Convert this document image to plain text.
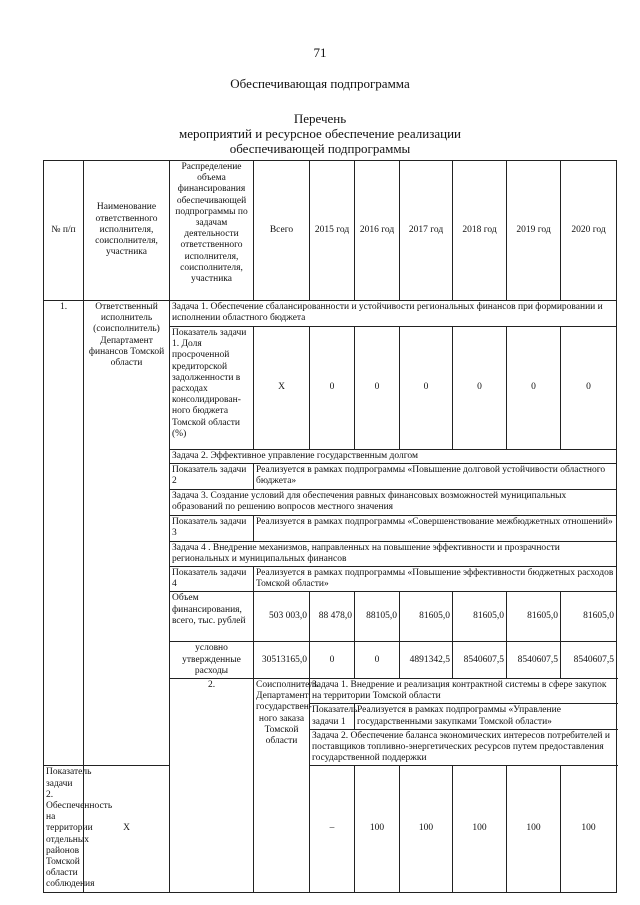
71
Обеспечивающая подпрограмма
Перечень
мероприятий и ресурсное обеспечение реализации
обеспечивающей подпрограммы
№ п/п	Наименование ответственного исполнителя, соисполнителя, участника	Распределение объема финансирования обеспечивающей подпрограммы по задачам деятельности ответственного исполнителя, соисполнителя, участника	Всего	2015 год	2016 год	2017 год	2018 год	2019 год	2020 год
1.	Ответственный исполнитель (соисполнитель) Департамент финансов Томской области	Задача 1. Обеспечение сбалансированности и устойчивости региональных финансов при формировании и исполнении областного бюджета							
		Показатель задачи 1. Доля просроченной кредиторской задолженности в расходах консолидирован-ного бюджета Томской области (%)	Х	0	0	0	0	0	0
		Задача 2. Эффективное управление государственным долгом							
		Показатель задачи 2	Реализуется в рамках подпрограммы «Повышение долговой устойчивости областного бюджета»						
		Задача 3. Создание условий для обеспечения равных финансовых возможностей муниципальных образований по решению вопросов местного значения							
		Показатель задачи 3	Реализуется в рамках подпрограммы «Совершенствование межбюджетных отношений»						
		Задача 4 . Внедрение механизмов, направленных на повышение эффективности и прозрачности региональных и муниципальных финансов							
		Показатель задачи 4	Реализуется в рамках подпрограммы «Повышение эффективности бюджетных расходов Томской области»						
		Объем финансирования, всего, тыс. рублей	503 003,0	88 478,0	88105,0	81605,0	81605,0	81605,0	81605,0
		условно утвержденные расходы	30513165,0	0	0	4891342,5	8540607,5	8540607,5	8540607,5
		2.	Соисполнитель Департамент государствен-ного заказа Томской области	Задача 1. Внедрение и реализация контрактной системы в сфере закупок на территории Томской области					
				Показатель задачи 1	Реализуется в рамках подпрограммы «Управление государственными закупками Томской области»				
				Задача 2. Обеспечение баланса экономических интересов потребителей и поставщиков топливно-энергетических ресурсов путем предоставления государственной поддержки					
Показатель задачи 2. Обеспеченность на территории отдельных районов Томской области соблюдения	Х			–	100	100	100	100	100
